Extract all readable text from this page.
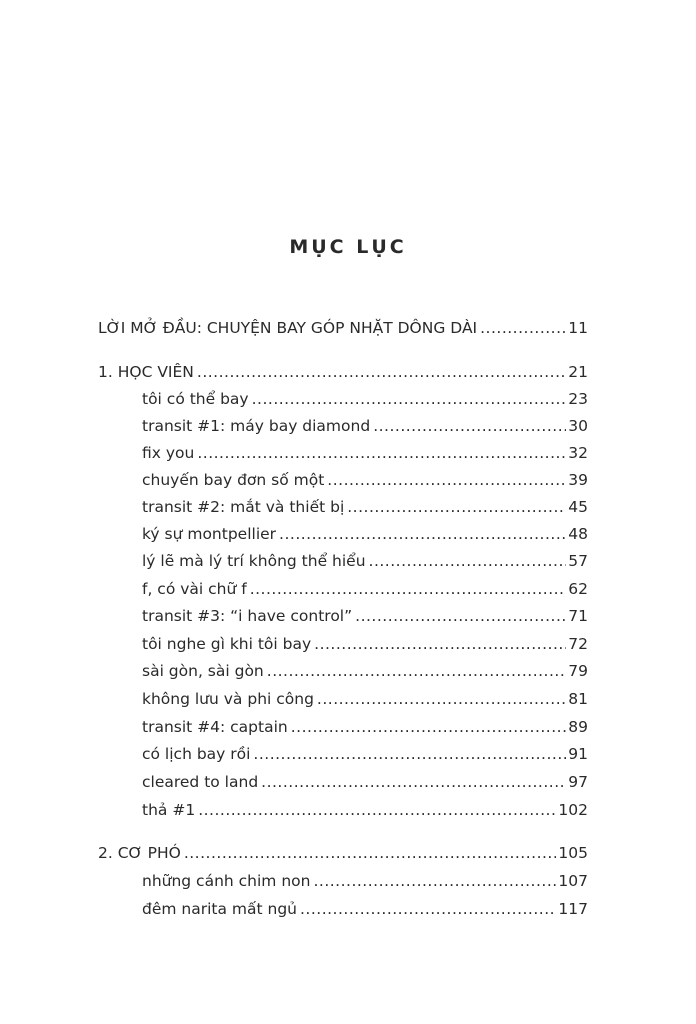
MỤC LỤC
LỜI MỞ ĐẦU: CHUYỆN BAY GÓP NHẶT DÔNG DÀI .....	11
1. HỌC VIÊN .....	21
tôi có thể bay .....	23
transit #1: máy bay diamond .....	30
fix you .....	32
chuyến bay đơn số một .....	39
transit #2: mắt và thiết bị .....	45
ký sự montpellier .....	48
lý lẽ mà lý trí không thể hiểu .....	57
f, có vài chữ f .....	62
transit #3: “i have control” .....	71
tôi nghe gì khi tôi bay .....	72
sài gòn, sài gòn .....	79
không lưu và phi công .....	81
transit #4: captain .....	89
có lịch bay rồi .....	91
cleared to land .....	97
thả #1 .....	102
2. CƠ PHÓ .....	105
những cánh chim non .....	107
đêm narita mất ngủ .....	117
